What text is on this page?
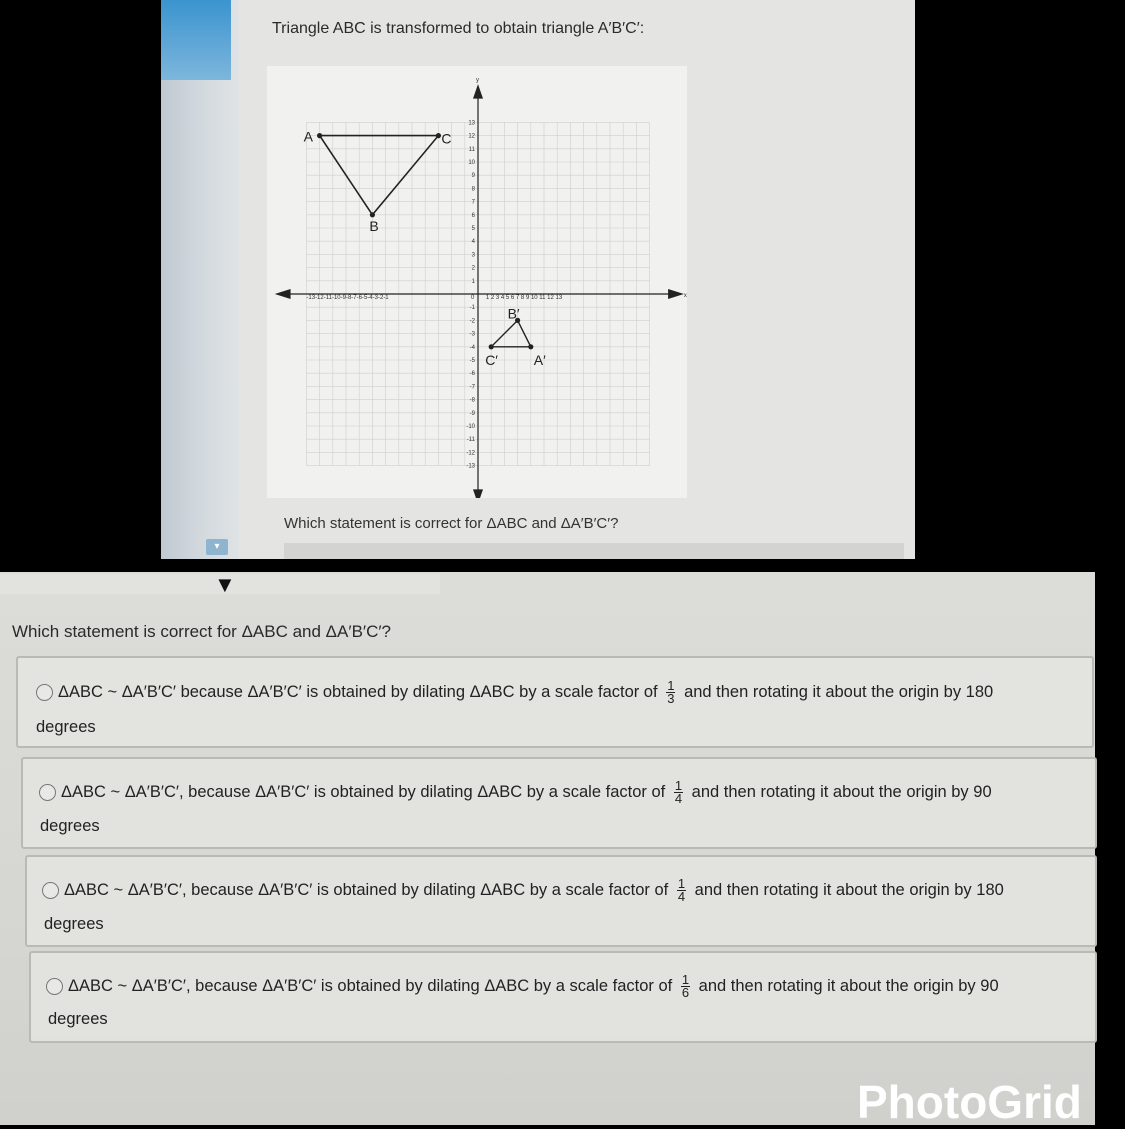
▾
Triangle ABC is transformed to obtain triangle A′B′C′:
x
y
-13-12-11-10-9-8-7-6-5-4-3-2-1	1 2 3 4 5 6 7 8 9 10 11 12 13
0
13
12
11
10
9
8
7
6
5
4
3
2
1
-1
-2
-3
-4
-5
-6
-7
-8
-9
-10
-11
-12
-13
A
B
C
A′
B′
C′
Which statement is correct for ΔABC and ΔA′B′C′?
▼
Which statement is correct for ΔABC and ΔA′B′C′?
ΔABC ~ ΔA′B′C′ because ΔA′B′C′ is obtained by dilating ΔABC by a scale factor of $\frac{1}{3}$ and then rotating it about the origin by 180
degrees
ΔABC ~ ΔA′B′C′, because ΔA′B′C′ is obtained by dilating ΔABC by a scale factor of $\frac{1}{4}$ and then rotating it about the origin by 90
degrees
ΔABC ~ ΔA′B′C′, because ΔA′B′C′ is obtained by dilating ΔABC by a scale factor of $\frac{1}{4}$ and then rotating it about the origin by 180
degrees
ΔABC ~ ΔA′B′C′, because ΔA′B′C′ is obtained by dilating ΔABC by a scale factor of $\frac{1}{6}$ and then rotating it about the origin by 90
degrees
PhotoGrid
